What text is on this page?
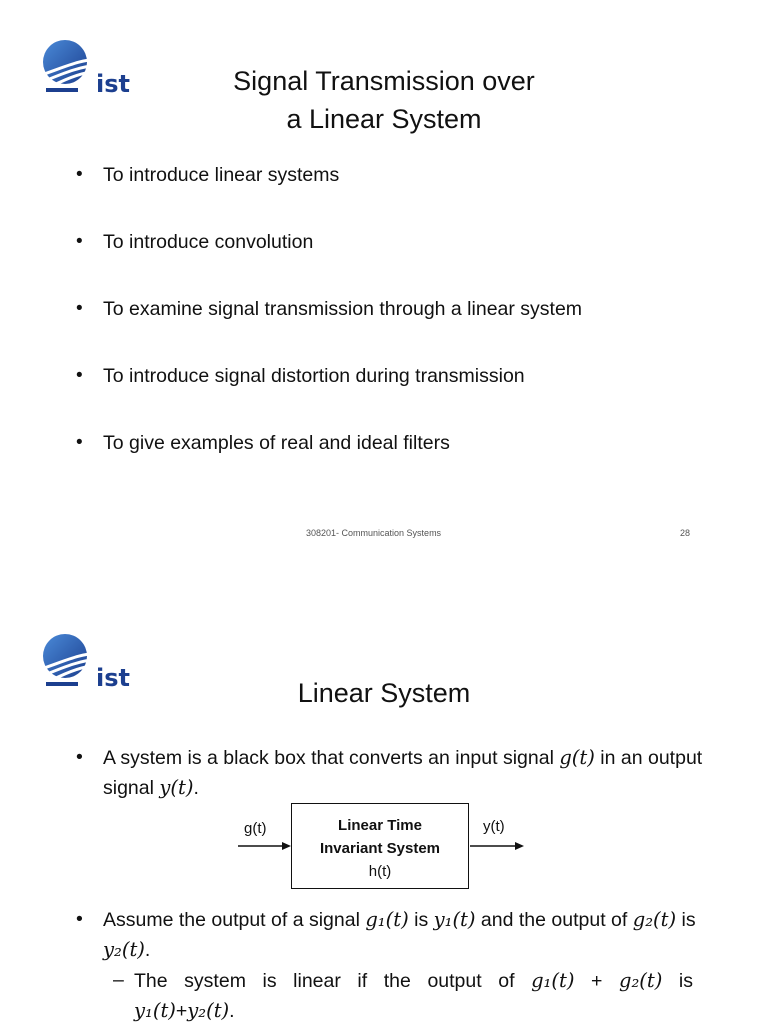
ist	Signal Transmission over
a Linear System
• To introduce linear systems
• To introduce convolution
• To examine signal transmission through a linear system
• To introduce signal distortion during transmission
• To give examples of real and ideal filters
308201- Communication Systems	28
ist	Linear System
• A system is a black box that converts an input signal g(t) in an output signal y(t).
g(t)	y(t)
Linear Time
Invariant System
h(t)
• Assume the output of a signal g₁(t) is y₁(t) and the output of g₂(t) is y₂(t).
– The system is linear if the output of g₁(t) + g₂(t) is
y₁(t)+y₂(t).
